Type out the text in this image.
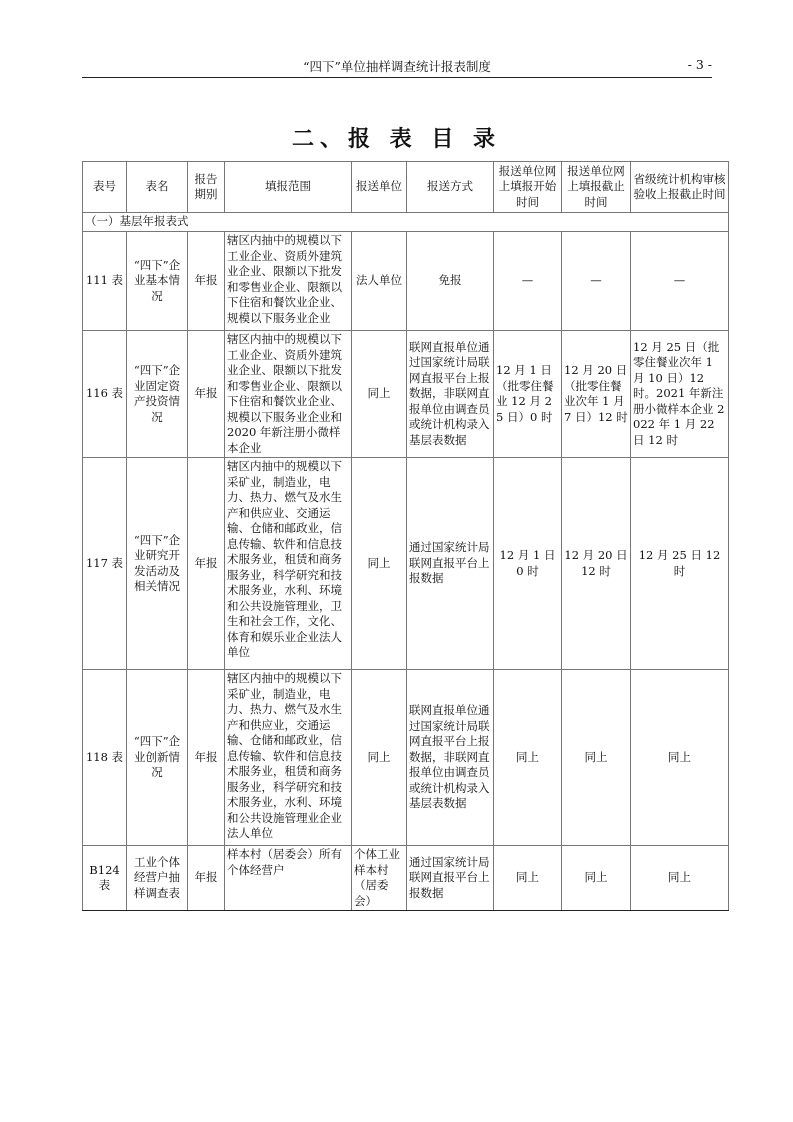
“四下”单位抽样调查统计报表制度	- 3 -
二、报 表 目 录
表号	表名	报告期别	填报范围	报送单位	报送方式	报送单位网上填报开始时间	报送单位网上填报截止时间	省级统计机构审核验收上报截止时间
（一）基层年报表式								
111 表	“四下”企业基本情况	年报	辖区内抽中的规模以下工业企业、资质外建筑业企业、限额以下批发和零售业企业、限额以下住宿和餐饮业企业、规模以下服务业企业	法人单位	免报	—	—	—
116 表	“四下”企业固定资产投资情况	年报	辖区内抽中的规模以下工业企业、资质外建筑业企业、限额以下批发和零售业企业、限额以下住宿和餐饮业企业、规模以下服务业企业和 2020 年新注册小微样本企业	同上	联网直报单位通过国家统计局联网直报平台上报数据，非联网直报单位由调查员或统计机构录入基层表数据	12 月 1 日（批零住餐业 12 月 25 日）0 时	12 月 20 日（批零住餐业次年 1 月 7 日）12 时	12 月 25 日（批零住餐业次年 1 月 10 日）12 时。2021 年新注册小微样本企业 2022 年 1 月 22 日 12 时
117 表	“四下”企业研究开发活动及相关情况	年报	辖区内抽中的规模以下采矿业，制造业，电力、热力、燃气及水生产和供应业、交通运输、仓储和邮政业，信息传输、软件和信息技术服务业，租赁和商务服务业，科学研究和技术服务业，水利、环境和公共设施管理业，卫生和社会工作，文化、体育和娱乐业企业法人单位	同上	通过国家统计局联网直报平台上报数据	12 月 1 日 0 时	12 月 20 日 12 时	12 月 25 日 12 时
118 表	“四下”企业创新情况	年报	辖区内抽中的规模以下采矿业，制造业，电力、热力、燃气及水生产和供应业，交通运输、仓储和邮政业，信息传输、软件和信息技术服务业，租赁和商务服务业，科学研究和技术服务业，水利、环境和公共设施管理业企业法人单位	同上	联网直报单位通过国家统计局联网直报平台上报数据，非联网直报单位由调查员或统计机构录入基层表数据	同上	同上	同上
B124 表	工业个体经营户抽样调查表	年报	样本村（居委会）所有个体经营户	个体工业样本村（居委会）	通过国家统计局联网直报平台上报数据	同上	同上	同上
